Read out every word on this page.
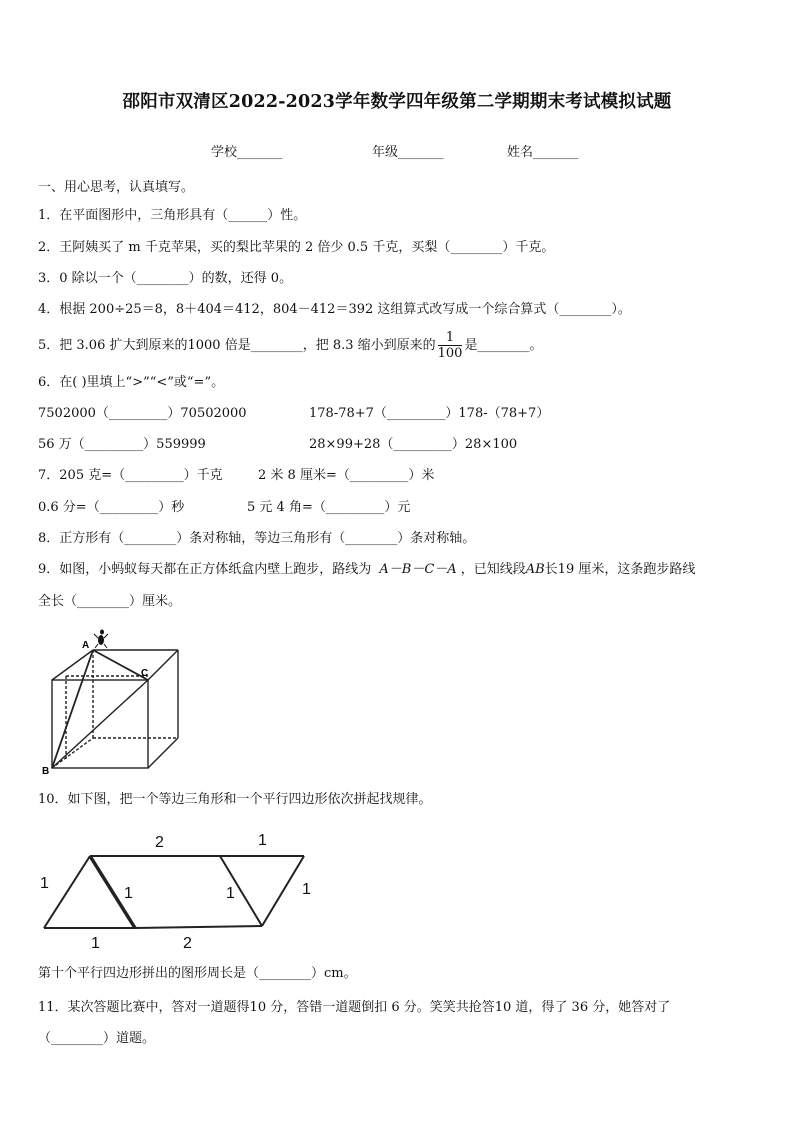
邵阳市双清区2022-2023学年数学四年级第二学期期末考试模拟试题
学校_______	年级_______	姓名_______
一、用心思考，认真填写。
1．在平面图形中，三角形具有（______）性。
2．王阿姨买了 m 千克苹果，买的梨比苹果的 2 倍少 0.5 千克，买梨（________）千克。
3．0 除以一个（________）的数，还得 0。
4．根据 200÷25＝8，8＋404＝412，804－412＝392 这组算式改写成一个综合算式（________）。
5．把 3.06 扩大到原来的1000 倍是________，把 8.3 缩小到原来的 $\frac{1}{100}$ 是________。
6．在( )里填上“>”“<”或“=”。
7502000（_________）70502000	178-78+7（_________）178-（78+7）
56 万（_________）559999	28×99+28（_________）28×100
7．205 克=（_________）千克	2 米 8 厘米=（_________）米
0.6 分=（_________）秒	5 元 4 角=（_________）元
8．正方形有（________）条对称轴，等边三角形有（________）条对称轴。
9．如图，小蚂蚁每天都在正方体纸盒内壁上跑步，路线为 A－B－C－A ，已知线段AB长19 厘米，这条跑步路线
全长（________）厘米。
A
B
C
10．如下图，把一个等边三角形和一个平行四边形依次拼起找规律。
1
2	1
1	1	1
1	2
第十个平行四边形拼出的图形周长是（________）cm。
11．某次答题比赛中，答对一道题得10 分，答错一道题倒扣 6 分。笑笑共抢答10 道，得了 36 分，她答对了
（________）道题。
